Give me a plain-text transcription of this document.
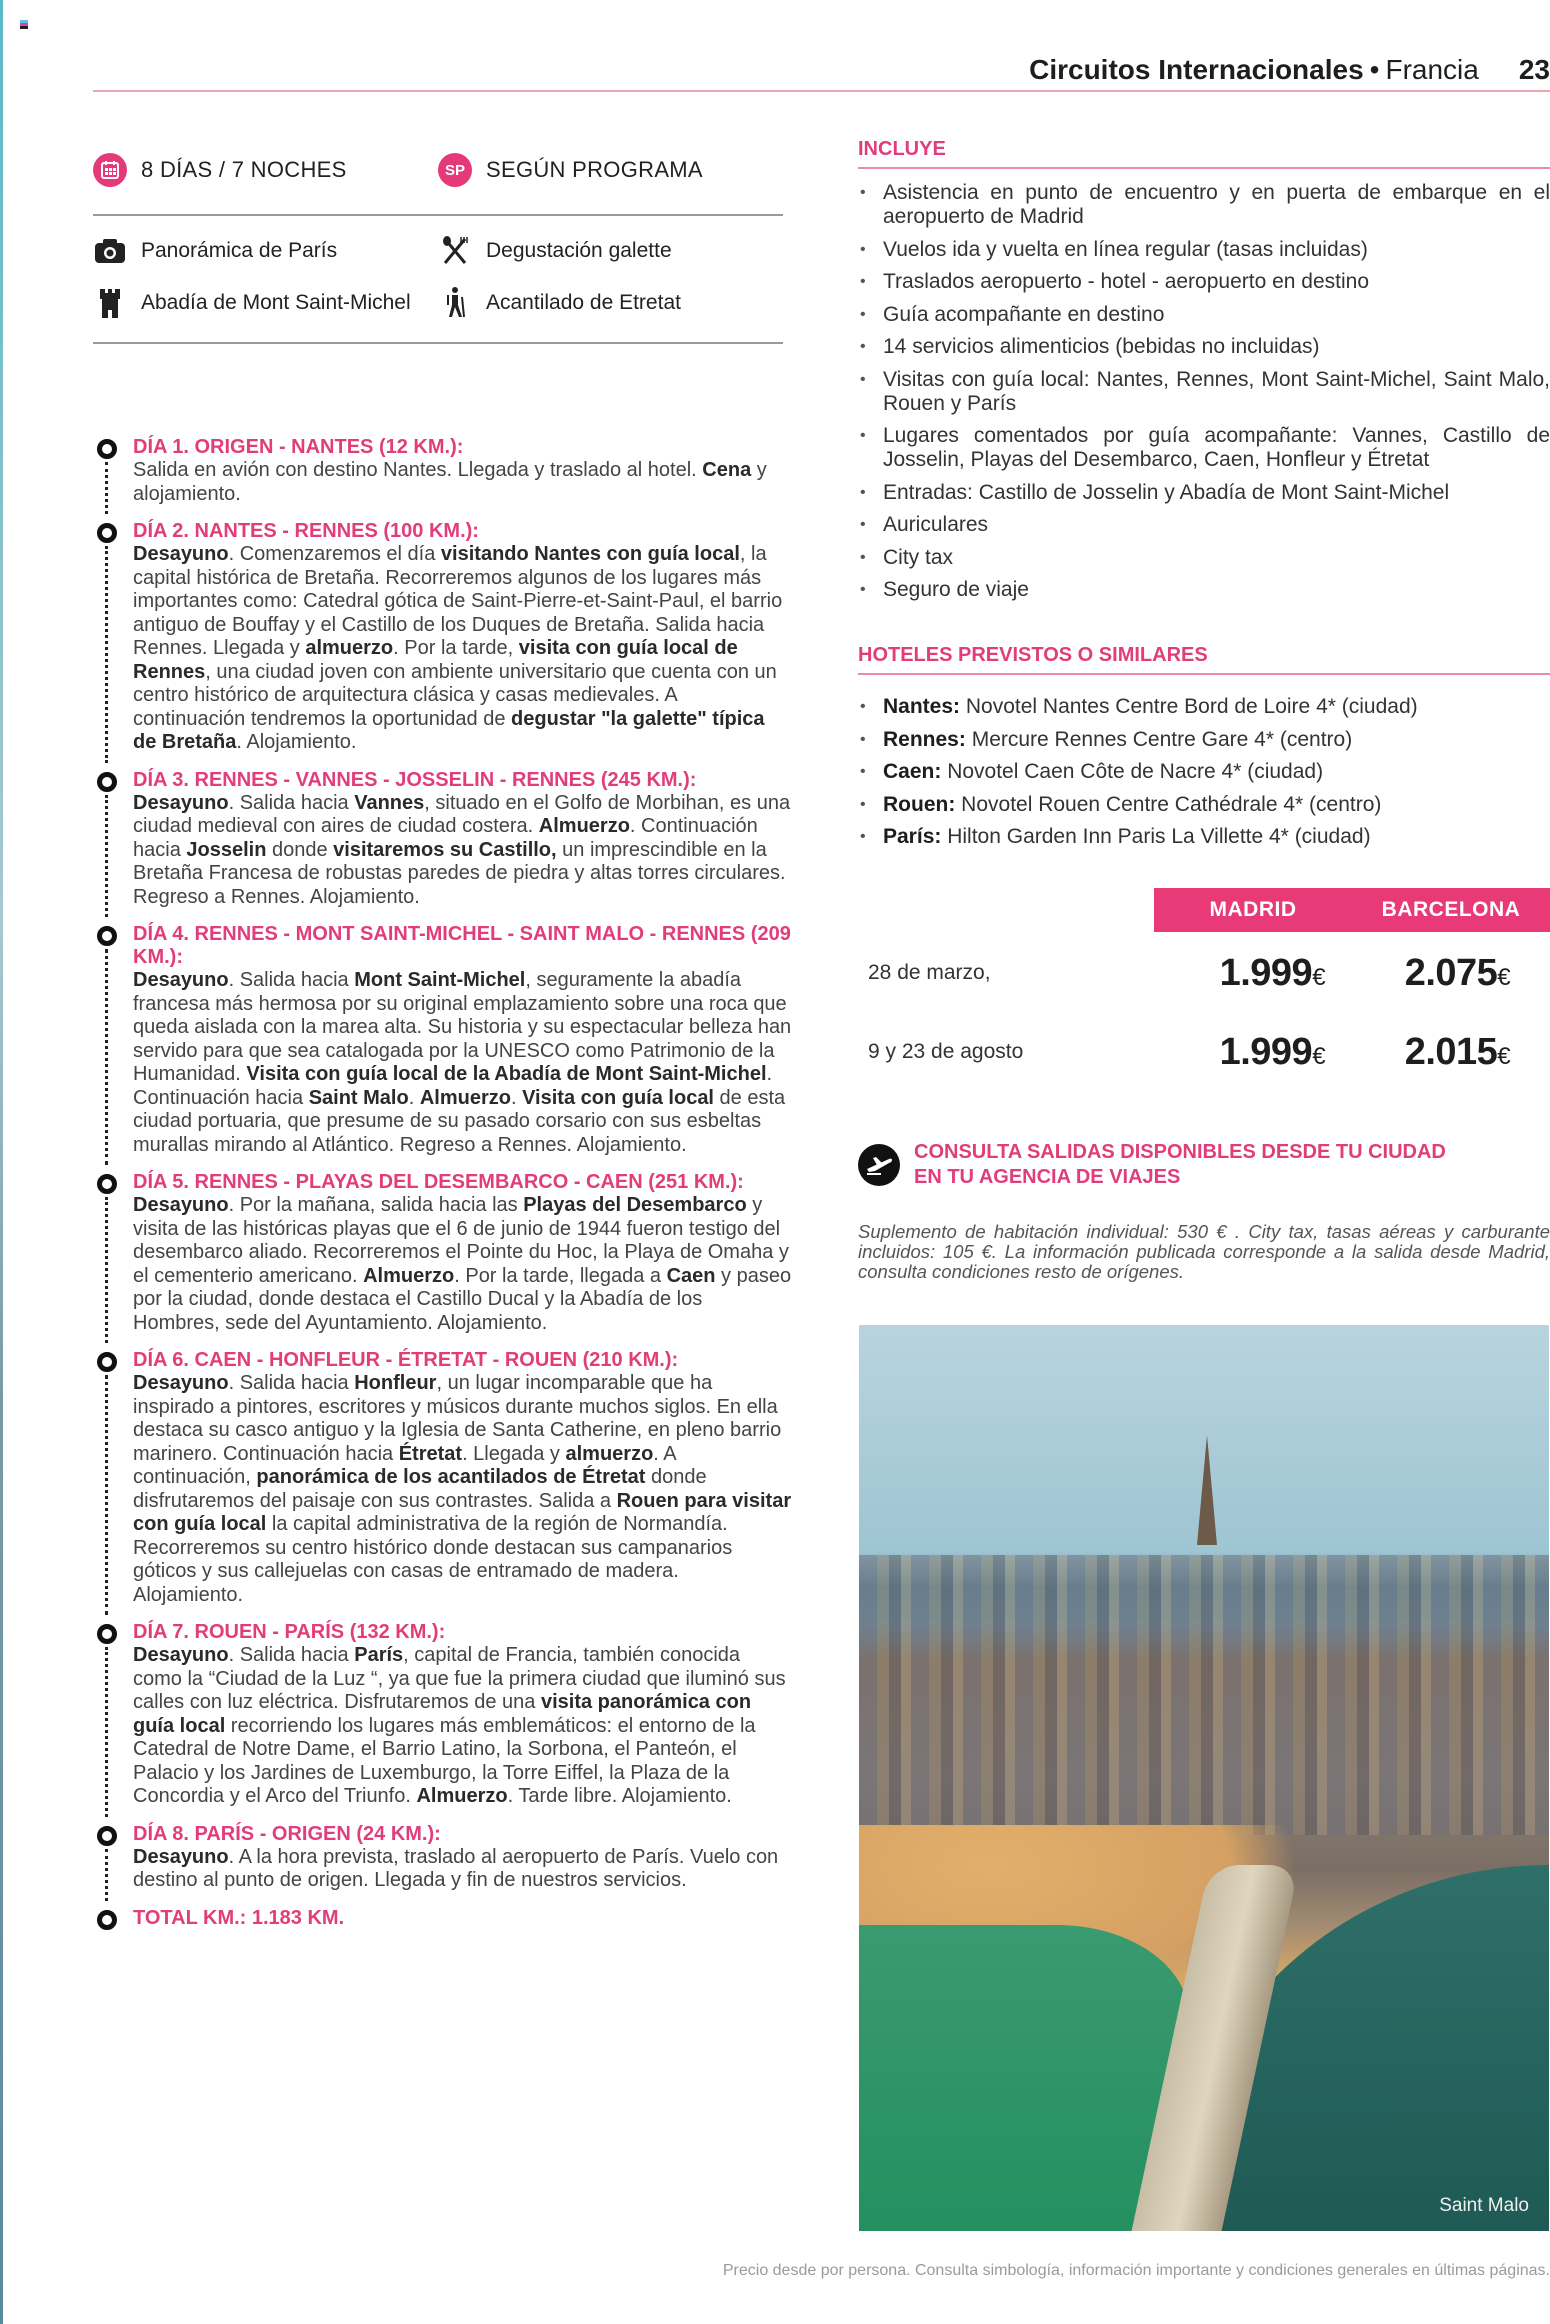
Circuitos Internacionales • Francia 23
8 DÍAS / 7 NOCHES	SP SEGÚN PROGRAMA
Panorámica de París	Degustación galette
Abadía de Mont Saint-Michel	Acantilado de Etretat
DÍA 1. ORIGEN - NANTES (12 KM.):
Salida en avión con destino Nantes. Llegada y traslado al hotel. Cena y alojamiento.
DÍA 2. NANTES - RENNES (100 KM.):
Desayuno. Comenzaremos el día visitando Nantes con guía local, la capital histórica de Bretaña. Recorreremos algunos de los lugares más importantes como: Catedral gótica de Saint-Pierre-et-Saint-Paul, el barrio antiguo de Bouffay y el Castillo de los Duques de Bretaña. Salida hacia Rennes. Llegada y almuerzo. Por la tarde, visita con guía local de Rennes, una ciudad joven con ambiente universitario que cuenta con un centro histórico de arquitectura clásica y casas medievales. A continuación tendremos la oportunidad de degustar "la galette" típica de Bretaña. Alojamiento.
DÍA 3. RENNES - VANNES - JOSSELIN - RENNES (245 KM.):
Desayuno. Salida hacia Vannes, situado en el Golfo de Morbihan, es una ciudad medieval con aires de ciudad costera. Almuerzo. Continuación hacia Josselin donde visitaremos su Castillo, un imprescindible en la Bretaña Francesa de robustas paredes de piedra y altas torres circulares. Regreso a Rennes. Alojamiento.
DÍA 4. RENNES - MONT SAINT-MICHEL - SAINT MALO - RENNES (209 KM.):
Desayuno. Salida hacia Mont Saint-Michel, seguramente la abadía francesa más hermosa por su original emplazamiento sobre una roca que queda aislada con la marea alta. Su historia y su espectacular belleza han servido para que sea catalogada por la UNESCO como Patrimonio de la Humanidad. Visita con guía local de la Abadía de Mont Saint-Michel. Continuación hacia Saint Malo. Almuerzo. Visita con guía local de esta ciudad portuaria, que presume de su pasado corsario con sus esbeltas murallas mirando al Atlántico. Regreso a Rennes. Alojamiento.
DÍA 5. RENNES - PLAYAS DEL DESEMBARCO - CAEN (251 KM.):
Desayuno. Por la mañana, salida hacia las Playas del Desembarco y visita de las históricas playas que el 6 de junio de 1944 fueron testigo del desembarco aliado. Recorreremos el Pointe du Hoc, la Playa de Omaha y el cementerio americano. Almuerzo. Por la tarde, llegada a Caen y paseo por la ciudad, donde destaca el Castillo Ducal y la Abadía de los Hombres, sede del Ayuntamiento. Alojamiento.
DÍA 6. CAEN - HONFLEUR - ÉTRETAT - ROUEN (210 KM.):
Desayuno. Salida hacia Honfleur, un lugar incomparable que ha inspirado a pintores, escritores y músicos durante muchos siglos. En ella destaca su casco antiguo y la Iglesia de Santa Catherine, en pleno barrio marinero. Continuación hacia Étretat. Llegada y almuerzo. A continuación, panorámica de los acantilados de Étretat donde disfrutaremos del paisaje con sus contrastes. Salida a Rouen para visitar con guía local la capital administrativa de la región de Normandía. Recorreremos su centro histórico donde destacan sus campanarios góticos y sus callejuelas con casas de entramado de madera. Alojamiento.
DÍA 7. ROUEN - PARÍS (132 KM.):
Desayuno. Salida hacia París, capital de Francia, también conocida como la “Ciudad de la Luz “, ya que fue la primera ciudad que iluminó sus calles con luz eléctrica. Disfrutaremos de una visita panorámica con guía local recorriendo los lugares más emblemáticos: el entorno de la Catedral de Notre Dame, el Barrio Latino, la Sorbona, el Panteón, el Palacio y los Jardines de Luxemburgo, la Torre Eiffel, la Plaza de la Concordia y el Arco del Triunfo. Almuerzo. Tarde libre. Alojamiento.
DÍA 8. PARÍS - ORIGEN (24 KM.):
Desayuno. A la hora prevista, traslado al aeropuerto de París. Vuelo con destino al punto de origen. Llegada y fin de nuestros servicios.
TOTAL KM.: 1.183 KM.
INCLUYE
• Asistencia en punto de encuentro y en puerta de embarque en el aeropuerto de Madrid
• Vuelos ida y vuelta en línea regular (tasas incluidas)
• Traslados aeropuerto - hotel - aeropuerto en destino
• Guía acompañante en destino
• 14 servicios alimenticios (bebidas no incluidas)
• Visitas con guía local: Nantes, Rennes, Mont Saint-Michel, Saint Malo, Rouen y París
• Lugares comentados por guía acompañante: Vannes, Castillo de Josselin, Playas del Desembarco, Caen, Honfleur y Étretat
• Entradas: Castillo de Josselin y Abadía de Mont Saint-Michel
• Auriculares
• City tax
• Seguro de viaje
HOTELES PREVISTOS O SIMILARES
• Nantes: Novotel Nantes Centre Bord de Loire 4* (ciudad)
• Rennes: Mercure Rennes Centre Gare 4* (centro)
• Caen: Novotel Caen Côte de Nacre 4* (ciudad)
• Rouen: Novotel Rouen Centre Cathédrale 4* (centro)
• París: Hilton Garden Inn Paris La Villette 4* (ciudad)
MADRID	BARCELONA
28 de marzo,	1.999€	2.075€
9 y 23 de agosto	1.999€	2.015€
CONSULTA SALIDAS DISPONIBLES DESDE TU CIUDAD
EN TU AGENCIA DE VIAJES
Suplemento de habitación individual: 530 € . City tax, tasas aéreas y carburante incluidos: 105 €. La información publicada corresponde a la salida desde Madrid, consulta condiciones resto de orígenes.
Saint Malo
Precio desde por persona. Consulta simbología, información importante y condiciones generales en últimas páginas.
